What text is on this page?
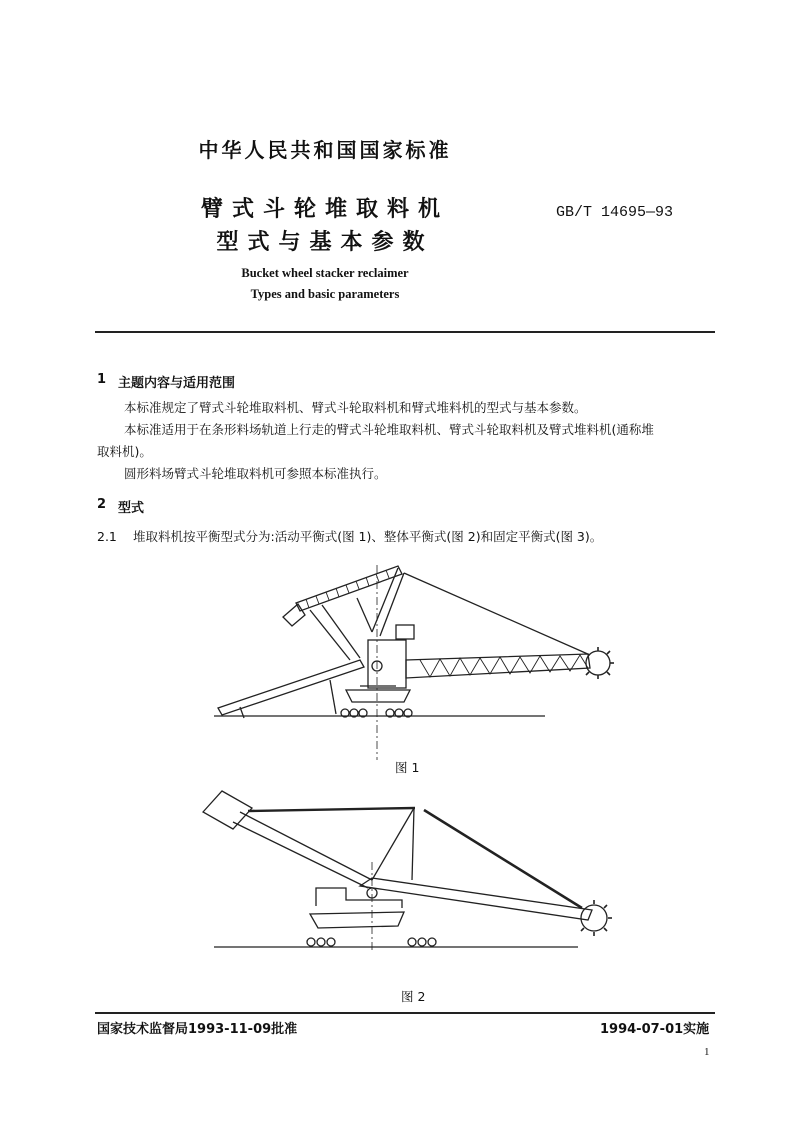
中华人民共和国国家标准
臂式斗轮堆取料机
型式与基本参数
GB/T 14695—93
Bucket wheel stacker reclaimer
Types and basic parameters
1 主题内容与适用范围
本标准规定了臂式斗轮堆取料机、臂式斗轮取料机和臂式堆料机的型式与基本参数。
本标准适用于在条形料场轨道上行走的臂式斗轮堆取料机、臂式斗轮取料机及臂式堆料机(通称堆
取料机)。
圆形料场臂式斗轮堆取料机可参照本标准执行。
2 型式
2.1 堆取料机按平衡型式分为:活动平衡式(图 1)、整体平衡式(图 2)和固定平衡式(图 3)。
图 1
图 2
国家技术监督局1993-11-09批准	1994-07-01实施
1
